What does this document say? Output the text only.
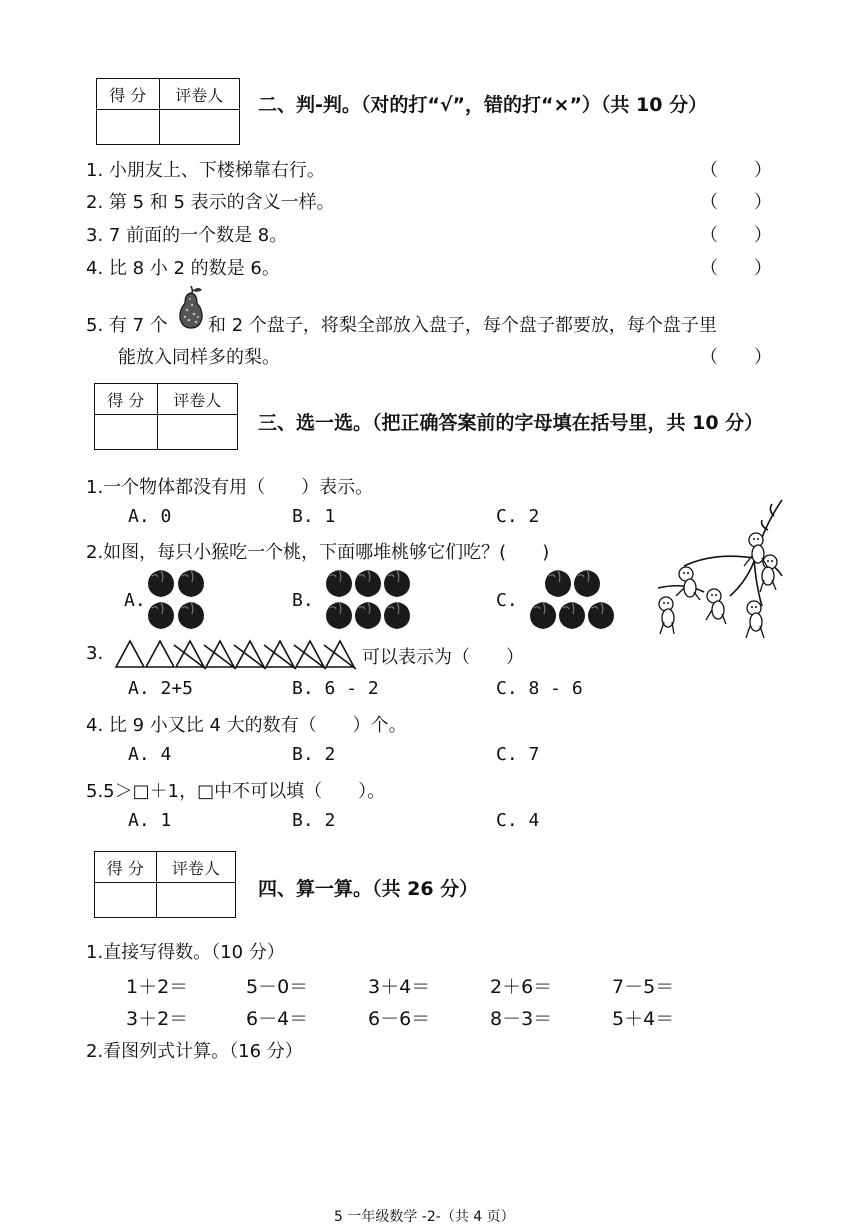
得 分	评卷人
	二、判-判。（对的打“√”，错的打“×”）（共 10 分）
1. 小朋友上、下楼梯靠右行。	（　　）
2. 第 5 和 5 表示的含义一样。	（　　）
3. 7 前面的一个数是 8。	（　　）
4. 比 8 小 2 的数是 6。	（　　）
5. 有 7 个 和 2 个盘子，将梨全部放入盘子，每个盘子都要放，每个盘子里
能放入同样多的梨。	（　　）
得 分	评卷人

三、选一选。（把正确答案前的字母填在括号里，共 10 分）
1.一个物体都没有用（　　）表示。
A. 0	B. 1	C. 2
2.如图，每只小猴吃一个桃，下面哪堆桃够它们吃？(　　)
A.	B.	C.
3.	可以表示为（　　）
A. 2+5	B. 6 - 2	C. 8 - 6
4. 比 9 小又比 4 大的数有（　　）个。
A. 4	B. 2	C. 7
5.5＞□＋1，□中不可以填（　　）。
A. 1	B. 2	C. 4
得 分	评卷人

四、算一算。（共 26 分）
1.直接写得数。（10 分）
1＋2＝	5－0＝	3＋4＝	2＋6＝	7－5＝
3＋2＝	6－4＝	6－6＝	8－3＝	5＋4＝
2.看图列式计算。（16 分）
5 一年级数学 -2-（共 4 页）
